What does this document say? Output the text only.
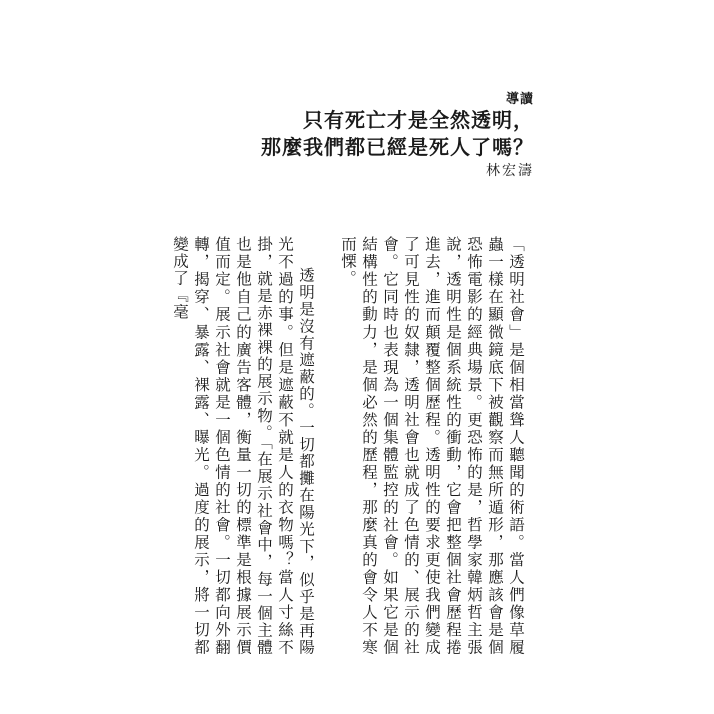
導讀
只有死亡才是全然透明，
那麼我們都已經是死人了嗎？
林宏濤

「透明社會」是個相當聳人聽聞的術語。當人們像草履蟲一樣在顯微鏡底下被觀察而無所遁形，那應該會是個恐怖電影的經典場景。更恐怖的是，哲學家韓炳哲主張說，透明性是個系統性的衝動，它會把整個社會歷程捲進去，進而顛覆整個歷程。透明性的要求更使我們變成了可見性的奴隸，透明社會也就成了色情的、展示的社會。它同時也表現為一個集體監控的社會。如果它是個結構性的動力，是個必然的歷程，那麼真的會令人不寒而慄。

透明是沒有遮蔽的。一切都攤在陽光下，似乎是再陽光不過的事。但是遮蔽不就是人的衣物嗎？當人寸絲不掛，就是赤裸裸的展示物。「在展示社會中，每一個主體也是他自己的廣告客體，衡量一切的標準是根據展示價值而定。展示社會就是一個色情的社會。一切都向外翻轉，揭穿、暴露、裸露、曝光。過度的展示，將一切都變成了『毫
